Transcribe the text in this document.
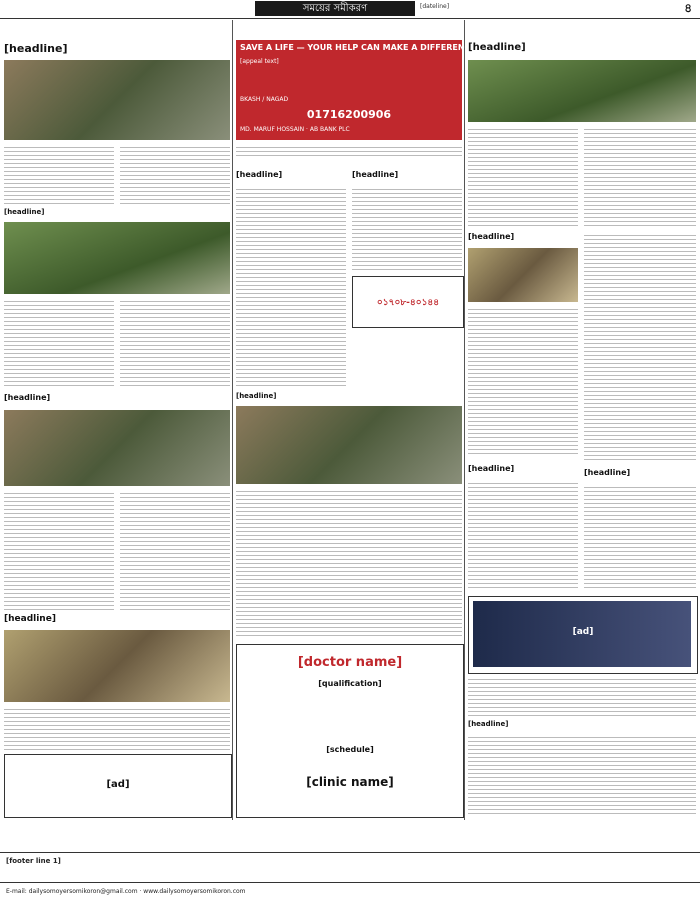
সময়ের সমীকরণ	[dateline]	৪
[headline]
[headline]
[headline]
[headline]
[ad]
SAVE A LIFE — YOUR HELP CAN MAKE A DIFFERENCE
[appeal text]
BKASH / NAGAD
01716200906
MD. MARUF HOSSAIN · AB BANK PLC
[headline]	[headline]
০১৭০৮-৪০১৪৪
[headline]
[doctor name]
[qualification]
[schedule]
[clinic name]
[headline]
[headline]
[headline]	[headline]
[ad]
[headline]
[footer line 1]
E-mail: dailysomoyersomikoron@gmail.com · www.dailysomoyersomikoron.com
